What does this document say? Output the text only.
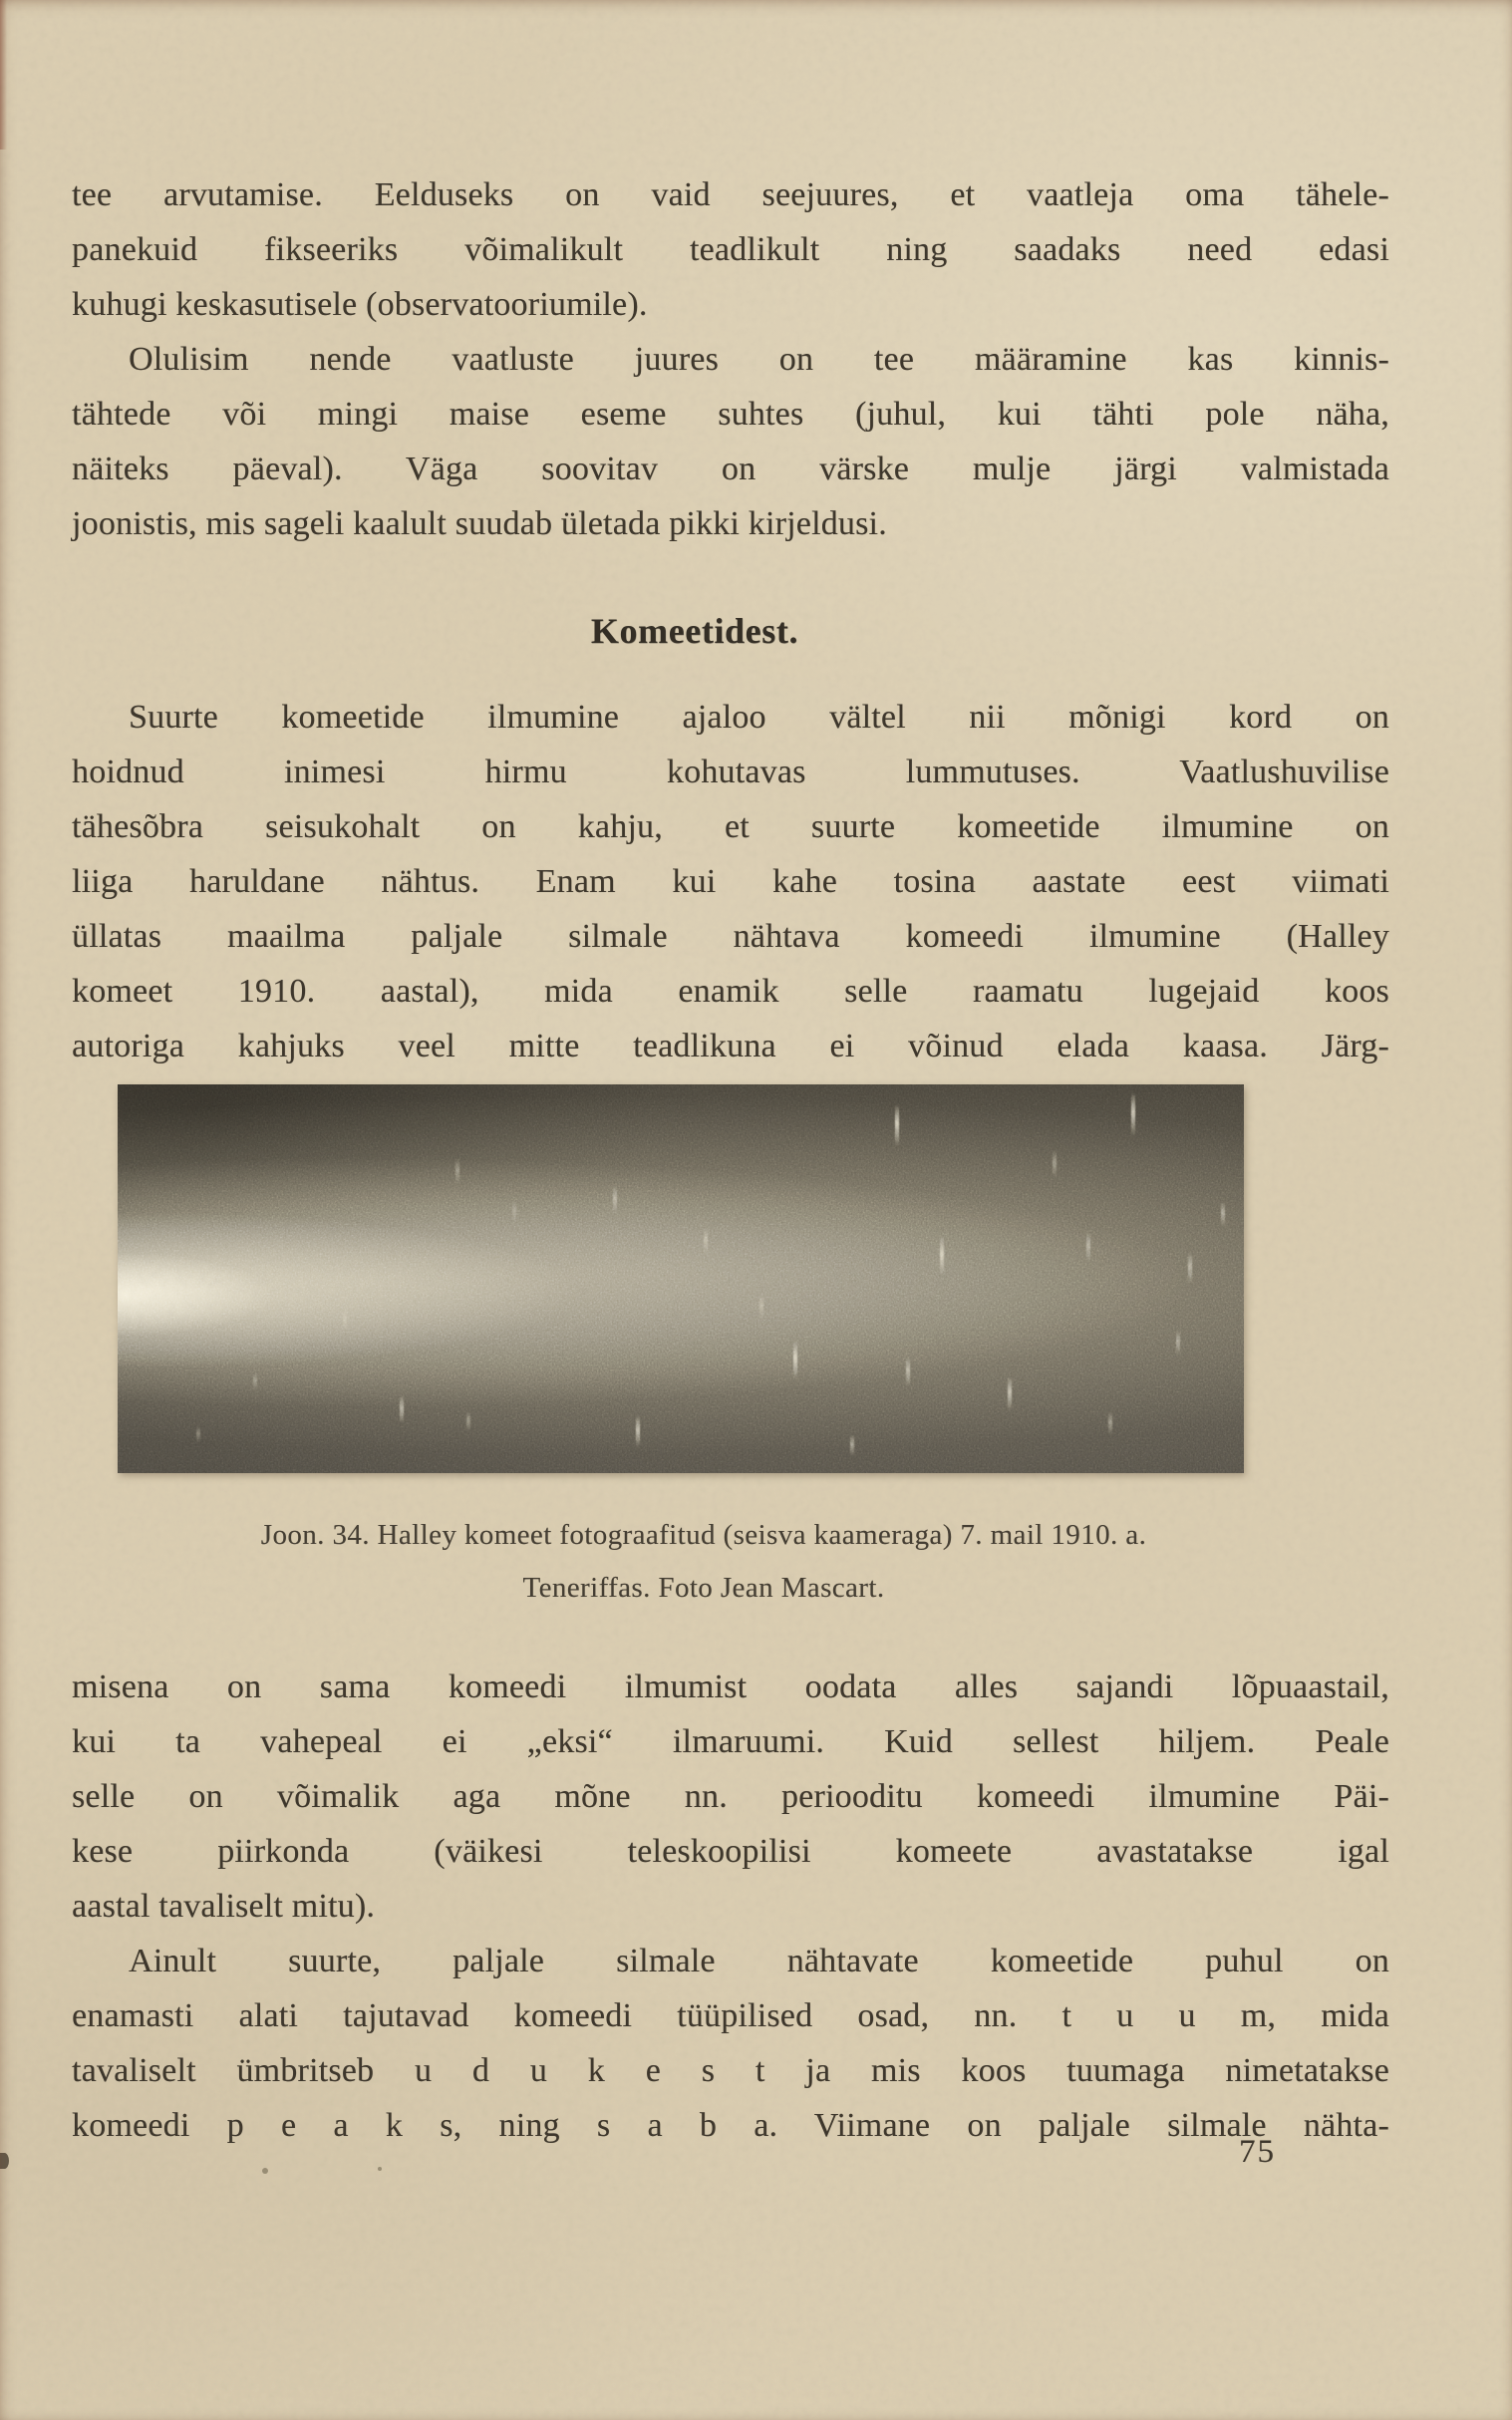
tee arvutamise. Eelduseks on vaid seejuures, et vaatleja oma tähele-
panekuid fikseeriks võimalikult teadlikult ning saadaks need edasi
kuhugi keskasutisele (observatooriumile).
Olulisim nende vaatluste juures on tee määramine kas kinnis-
tähtede või mingi maise eseme suhtes (juhul, kui tähti pole näha,
näiteks päeval). Väga soovitav on värske mulje järgi valmistada
joonistis, mis sageli kaalult suudab ületada pikki kirjeldusi.
Komeetidest.
Suurte komeetide ilmumine ajaloo vältel nii mõnigi kord on
hoidnud inimesi hirmu kohutavas lummutuses. Vaatlushuvilise
tähesõbra seisukohalt on kahju, et suurte komeetide ilmumine on
liiga haruldane nähtus. Enam kui kahe tosina aastate eest viimati
üllatas maailma paljale silmale nähtava komeedi ilmumine (Halley
komeet 1910. aastal), mida enamik selle raamatu lugejaid koos
autoriga kahjuks veel mitte teadlikuna ei võinud elada kaasa. Järg-
Joon. 34. Halley komeet fotograafitud (seisva kaameraga) 7. mail 1910. a.
Teneriffas. Foto Jean Mascart.
misena on sama komeedi ilmumist oodata alles sajandi lõpuaastail,
kui ta vahepeal ei „eksi“ ilmaruumi. Kuid sellest hiljem. Peale
selle on võimalik aga mõne nn. periooditu komeedi ilmumine Päi-
kese piirkonda (väikesi teleskoopilisi komeete avastatakse igal
aastal tavaliselt mitu).
Ainult suurte, paljale silmale nähtavate komeetide puhul on
enamasti alati tajutavad komeedi tüüpilised osad, nn. t u u m, mida
tavaliselt ümbritseb u d u k e s t ja mis koos tuumaga nimetatakse
komeedi p e a k s, ning s a b a. Viimane on paljale silmale nähta-
75
